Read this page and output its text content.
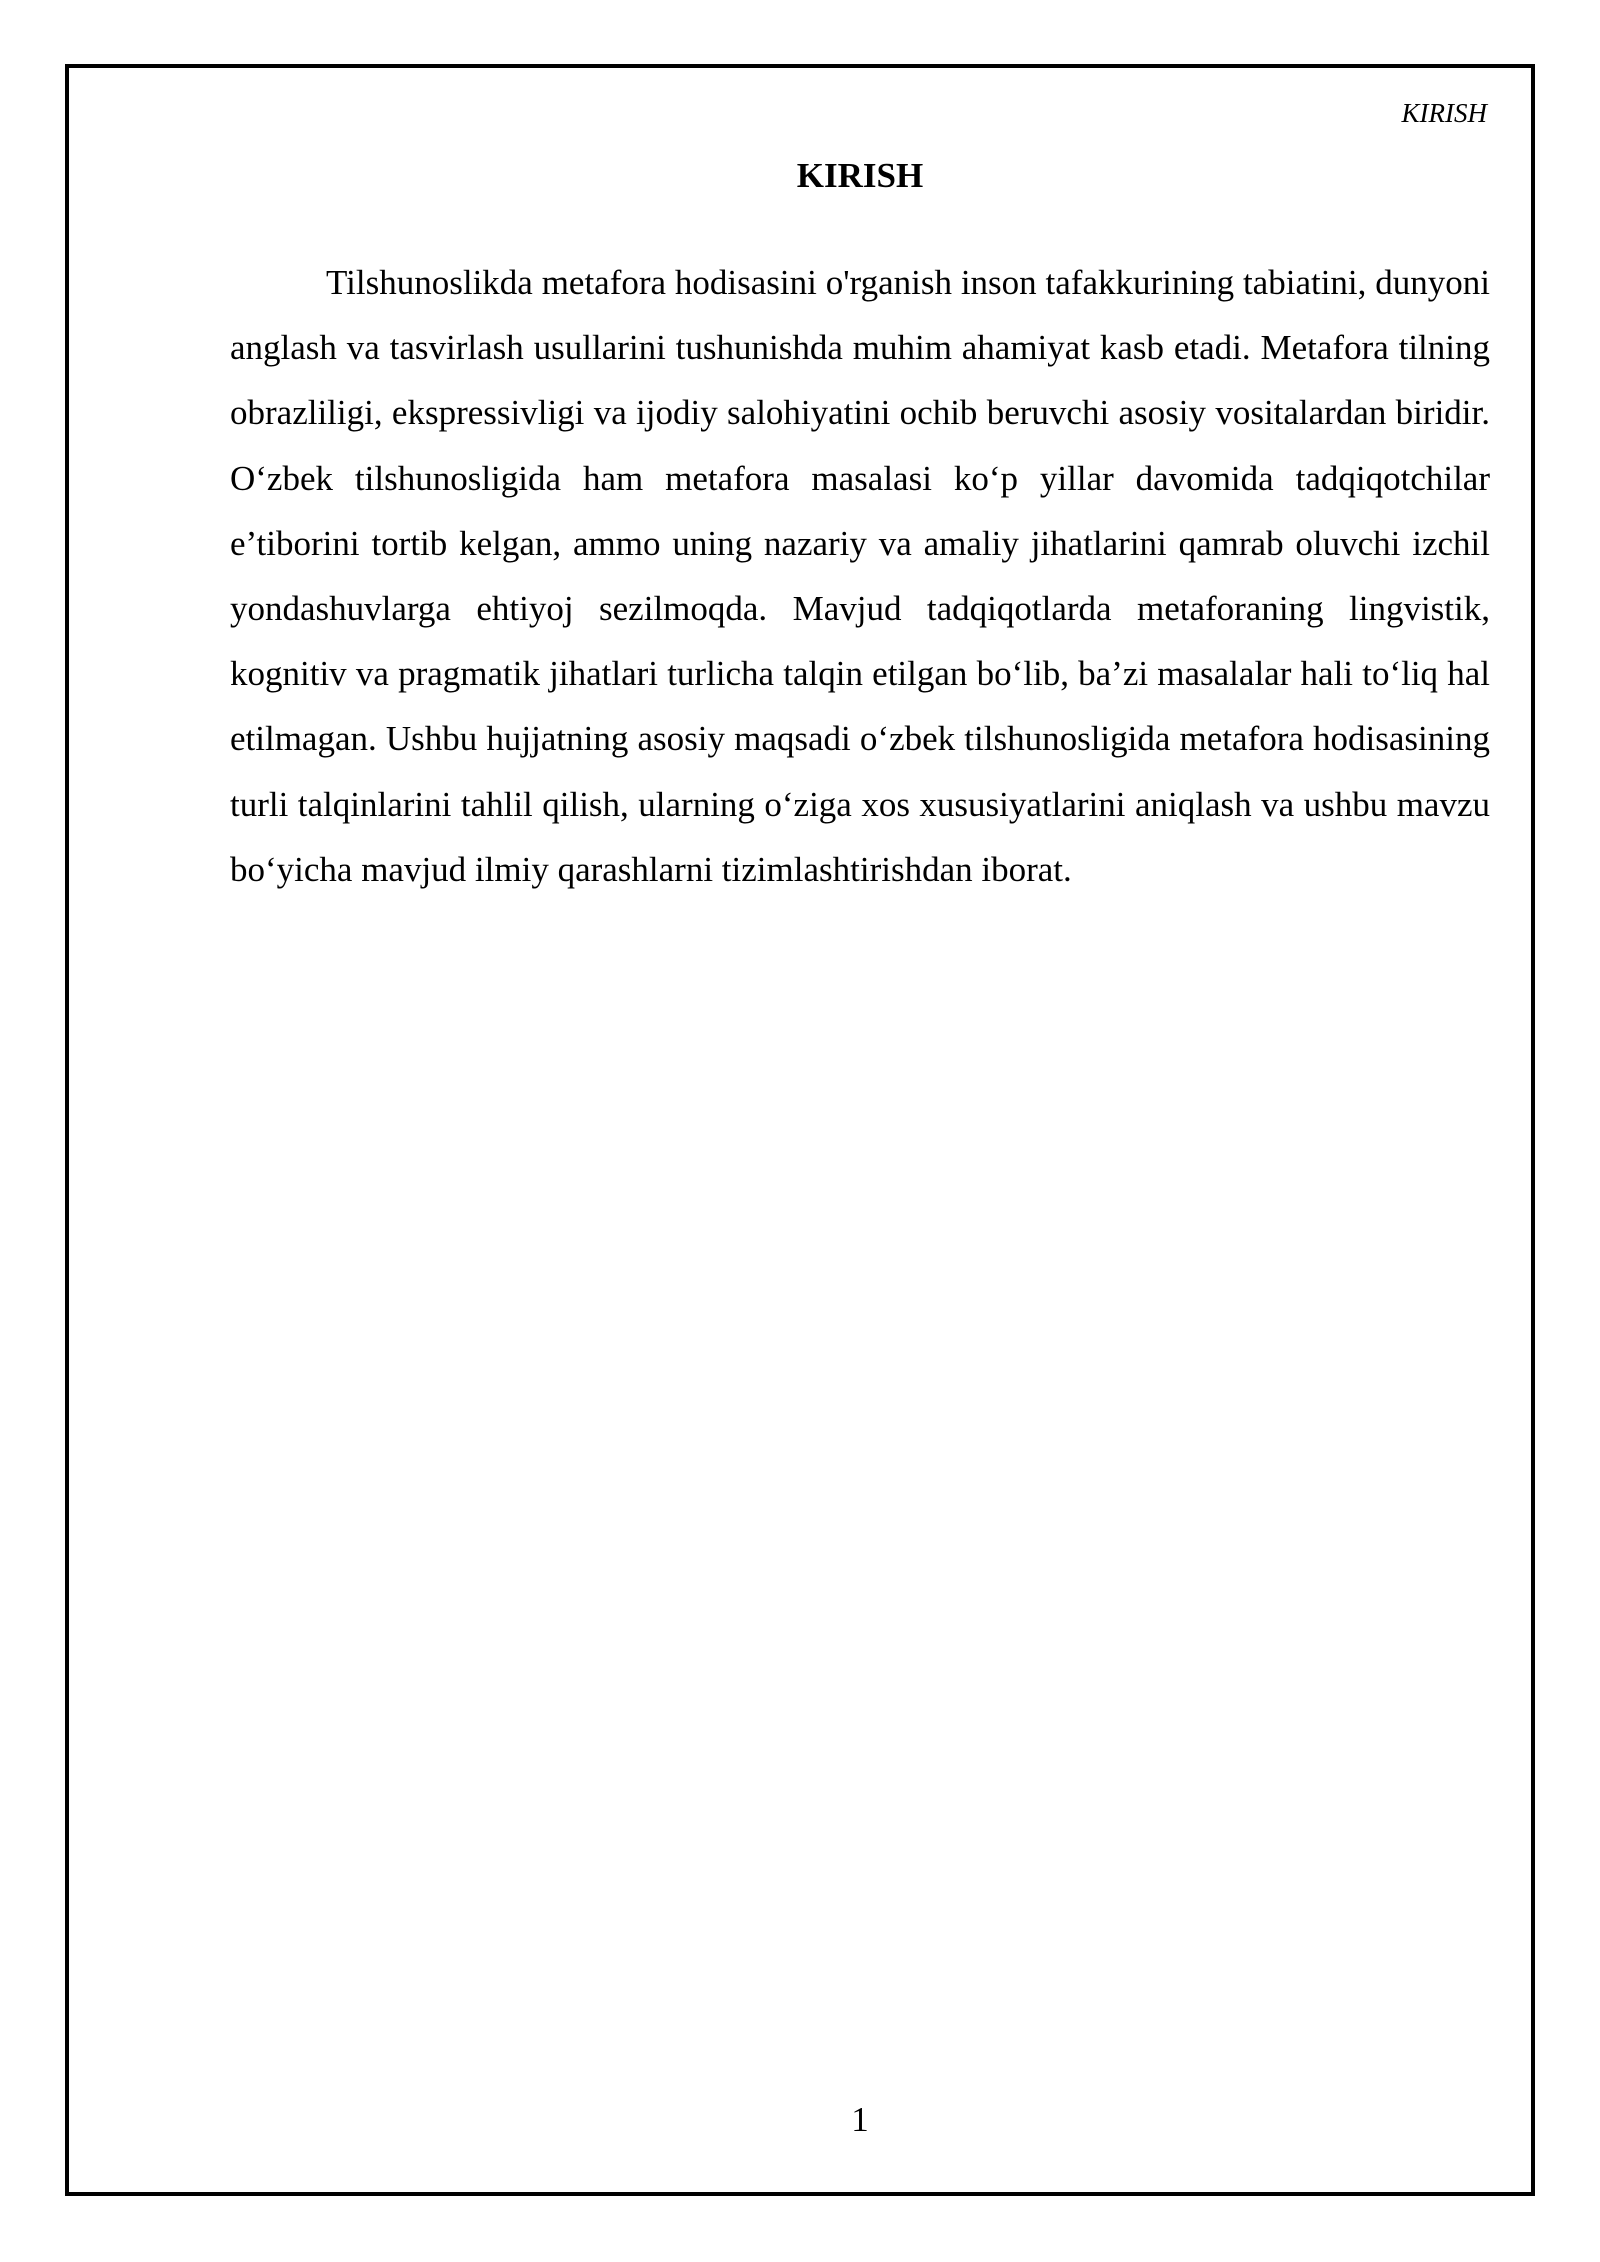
KIRISH

KIRISH

Tilshunoslikda metafora hodisasini o'rganish inson tafakkurining tabiatini, dunyoni anglash va tasvirlash usullarini tushunishda muhim ahamiyat kasb etadi. Metafora tilning obrazliligi, ekspressivligi va ijodiy salohiyatini ochib beruvchi asosiy vositalardan biridir. O‘zbek tilshunosligida ham metafora masalasi ko‘p yillar davomida tadqiqotchilar e’tiborini tortib kelgan, ammo uning nazariy va amaliy jihatlarini qamrab oluvchi izchil yondashuvlarga ehtiyoj sezilmoqda. Mavjud tadqiqotlarda metaforaning lingvistik, kognitiv va pragmatik jihatlari turlicha talqin etilgan bo‘lib, ba’zi masalalar hali to‘liq hal etilmagan. Ushbu hujjatning asosiy maqsadi o‘zbek tilshunosligida metafora hodisasining turli talqinlarini tahlil qilish, ularning o‘ziga xos xususiyatlarini aniqlash va ushbu mavzu bo‘yicha mavjud ilmiy qarashlarni tizimlashtirishdan iborat.

1
